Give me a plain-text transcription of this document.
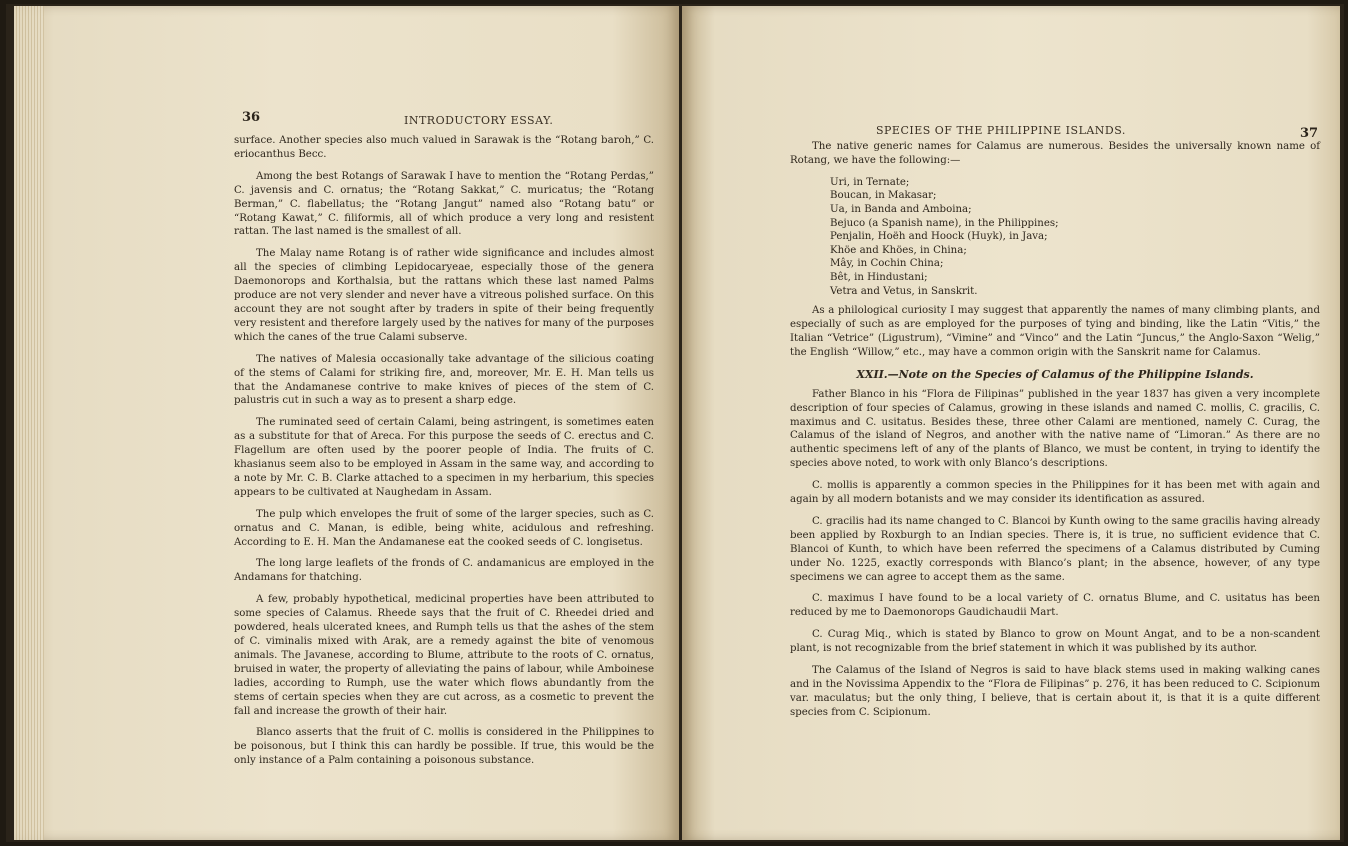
36	INTRODUCTORY ESSAY.

surface. Another species also much valued in Sarawak is the “Rotang baroh,” C. eriocanthus Becc.

Among the best Rotangs of Sarawak I have to mention the “Rotang Perdas,” C. javensis and C. ornatus; the “Rotang Sakkat,” C. muricatus; the “Rotang Berman,” C. flabellatus; the “Rotang Jangut” named also “Rotang batu” or “Rotang Kawat,” C. filiformis, all of which produce a very long and resistent rattan. The last named is the smallest of all.

The Malay name Rotang is of rather wide significance and includes almost all the species of climbing Lepidocaryeae, especially those of the genera Daemonorops and Korthalsia, but the rattans which these last named Palms produce are not very slender and never have a vitreous polished surface. On this account they are not sought after by traders in spite of their being frequently very resistent and therefore largely used by the natives for many of the purposes which the canes of the true Calami subserve.

The natives of Malesia occasionally take advantage of the silicious coating of the stems of Calami for striking fire, and, moreover, Mr. E. H. Man tells us that the Andamanese contrive to make knives of pieces of the stem of C. palustris cut in such a way as to present a sharp edge.

The ruminated seed of certain Calami, being astringent, is sometimes eaten as a substitute for that of Areca. For this purpose the seeds of C. erectus and C. Flagellum are often used by the poorer people of India. The fruits of C. khasianus seem also to be employed in Assam in the same way, and according to a note by Mr. C. B. Clarke attached to a specimen in my herbarium, this species appears to be cultivated at Naughedam in Assam.

The pulp which envelopes the fruit of some of the larger species, such as C. ornatus and C. Manan, is edible, being white, acidulous and refreshing. According to E. H. Man the Andamanese eat the cooked seeds of C. longisetus.

The long large leaflets of the fronds of C. andamanicus are employed in the Andamans for thatching.

A few, probably hypothetical, medicinal properties have been attributed to some species of Calamus. Rheede says that the fruit of C. Rheedei dried and powdered, heals ulcerated knees, and Rumph tells us that the ashes of the stem of C. viminalis mixed with Arak, are a remedy against the bite of venomous animals. The Javanese, according to Blume, attribute to the roots of C. ornatus, bruised in water, the property of alleviating the pains of labour, while Amboinese ladies, according to Rumph, use the water which flows abundantly from the stems of certain species when they are cut across, as a cosmetic to prevent the fall and increase the growth of their hair.

Blanco asserts that the fruit of C. mollis is considered in the Philippines to be poisonous, but I think this can hardly be possible. If true, this would be the only instance of a Palm containing a poisonous substance.

SPECIES OF THE PHILIPPINE ISLANDS.	37

The native generic names for Calamus are numerous. Besides the universally known name of Rotang, we have the following:—

Uri, in Ternate;
Boucan, in Makasar;
Ua, in Banda and Amboina;
Bejuco (a Spanish name), in the Philippines;
Penjalin, Hoëh and Hoock (Huyk), in Java;
Khöe and Khöes, in China;
Mây, in Cochin China;
Bêt, in Hindustani;
Vetra and Vetus, in Sanskrit.

As a philological curiosity I may suggest that apparently the names of many climbing plants, and especially of such as are employed for the purposes of tying and binding, like the Latin “Vitis,” the Italian “Vetrice” (Ligustrum), “Vimine” and “Vinco” and the Latin “Juncus,” the Anglo-Saxon “Welig,” the English “Willow,” etc., may have a common origin with the Sanskrit name for Calamus.

XXII.—Note on the Species of Calamus of the Philippine Islands.

Father Blanco in his “Flora de Filipinas” published in the year 1837 has given a very incomplete description of four species of Calamus, growing in these islands and named C. mollis, C. gracilis, C. maximus and C. usitatus. Besides these, three other Calami are mentioned, namely C. Curag, the Calamus of the island of Negros, and another with the native name of “Limoran.” As there are no authentic specimens left of any of the plants of Blanco, we must be content, in trying to identify the species above noted, to work with only Blanco’s descriptions.

C. mollis is apparently a common species in the Philippines for it has been met with again and again by all modern botanists and we may consider its identification as assured.

C. gracilis had its name changed to C. Blancoi by Kunth owing to the same gracilis having already been applied by Roxburgh to an Indian species. There is, it is true, no sufficient evidence that C. Blancoi of Kunth, to which have been referred the specimens of a Calamus distributed by Cuming under No. 1225, exactly corresponds with Blanco’s plant; in the absence, however, of any type specimens we can agree to accept them as the same.

C. maximus I have found to be a local variety of C. ornatus Blume, and C. usitatus has been reduced by me to Daemonorops Gaudichaudii Mart.

C. Curag Miq., which is stated by Blanco to grow on Mount Angat, and to be a non-scandent plant, is not recognizable from the brief statement in which it was published by its author.

The Calamus of the Island of Negros is said to have black stems used in making walking canes and in the Novissima Appendix to the “Flora de Filipinas” p. 276, it has been reduced to C. Scipionum var. maculatus; but the only thing, I believe, that is certain about it, is that it is a quite different species from C. Scipionum.
